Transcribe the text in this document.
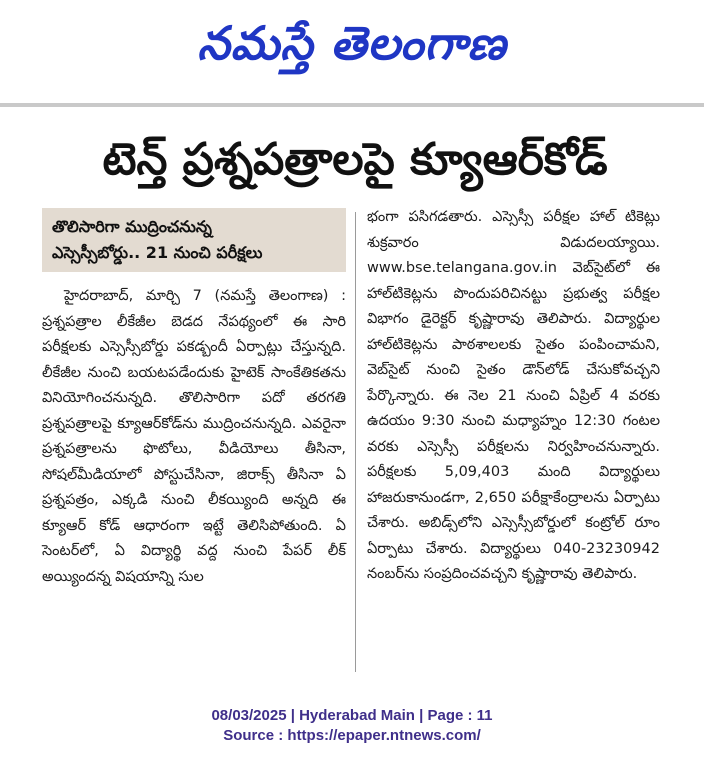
నమస్తే తెలంగాణ
టెన్త్ ప్రశ్నపత్రాలపై క్యూఆర్‌కోడ్
తొలిసారిగా ముద్రించనున్న
ఎస్సెస్సీబోర్డు.. 21 నుంచి పరీక్షలు

హైదరాబాద్, మార్చి 7 (నమస్తే తెలంగాణ) : ప్రశ్నపత్రాల లీకేజీల బెడద నేపథ్యంలో ఈ సారి పరీక్షలకు ఎస్సెస్సీబోర్డు పకడ్బందీ ఏర్పాట్లు చేస్తున్నది. లీకేజీల నుంచి బయటపడేందుకు హైటెక్ సాంకేతికతను వినియోగించనున్నది. తొలిసారిగా పదో తరగతి ప్రశ్నపత్రాలపై క్యూఆర్‌కోడ్‌ను ముద్రించనున్నది. ఎవరైనా ప్రశ్నపత్రాలను ఫొటోలు, వీడియోలు తీసినా, సోషల్‌మీడియాలో పోస్టుచేసినా, జిరాక్స్ తీసినా ఏ ప్రశ్నపత్రం, ఎక్కడి నుంచి లీకయ్యింది అన్నది ఈ క్యూఆర్ కోడ్ ఆధారంగా ఇట్టే తెలిసిపోతుంది. ఏ సెంటర్‌లో, ఏ విద్యార్థి వద్ద నుంచి పేపర్ లీక్ అయ్యిందన్న విషయాన్ని సుల

భంగా పసిగడతారు. ఎస్సెస్సీ పరీక్షల హాల్ టికెట్లు శుక్రవారం విడుదలయ్యాయి. www.bse.telangana.gov.in వెబ్‌సైట్‌లో ఈ హాల్‌టికెట్లను పొందుపరిచినట్టు ప్రభుత్వ పరీక్షల విభాగం డైరెక్టర్ కృష్ణారావు తెలిపారు. విద్యార్థుల హాల్‌టికెట్లను పాఠశాలలకు సైతం పంపించామని, వెబ్‌సైట్ నుంచి సైతం డౌన్‌లోడ్ చేసుకోవచ్చని పేర్కొన్నారు. ఈ నెల 21 నుంచి ఏప్రిల్ 4 వరకు ఉదయం 9:30 నుంచి మధ్యాహ్నం 12:30 గంటల వరకు ఎస్సెస్సీ పరీక్షలను నిర్వహించనున్నారు. పరీక్షలకు 5,09,403 మంది విద్యార్థులు హాజరుకానుండగా, 2,650 పరీక్షాకేంద్రాలను ఏర్పాటు చేశారు. అబిడ్స్‌లోని ఎస్సెస్సీబోర్డులో కంట్రోల్ రూం ఏర్పాటు చేశారు. విద్యార్థులు 040-23230942 నంబర్‌ను సంప్రదించవచ్చని కృష్ణారావు తెలిపారు.

08/03/2025 | Hyderabad Main | Page : 11
Source : https://epaper.ntnews.com/
